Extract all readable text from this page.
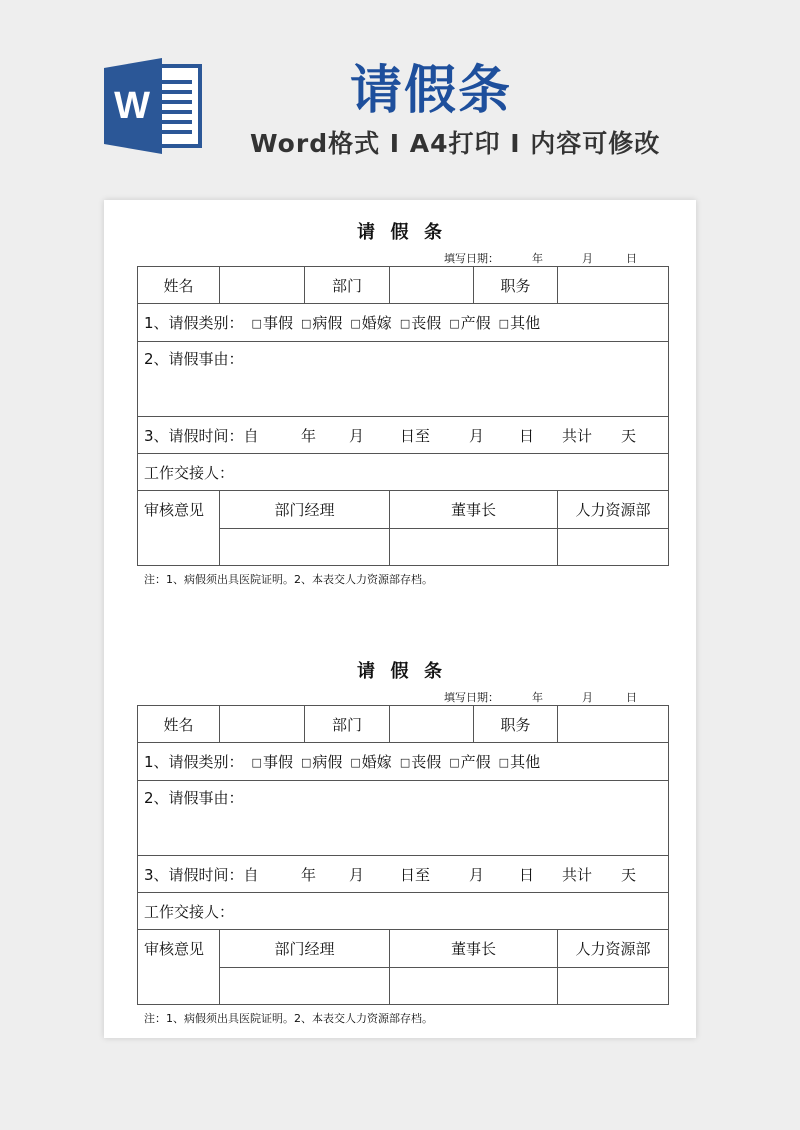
W	请假条
Word格式 I A4打印 I 内容可修改
请  假  条

填写日期：

	年

	月

	日

姓名		部门		职务	
1、请假类别： □ 事假 □ 病假 □ 婚嫁 □ 丧假 □ 产假 □ 其他
2、请假事由：					
3、请假时间：自 年 月 日至 月 日 共计 天					
工作交接人：					
审核意见	部门经理		董事长		人力资源部

注：1、病假须出具医院证明。2、本表交人力资源部存档。
请  假  条

填写日期：

	年

	月

	日

姓名		部门		职务	
1、请假类别： □ 事假 □ 病假 □ 婚嫁 □ 丧假 □ 产假 □ 其他
2、请假事由：					
3、请假时间：自 年 月 日至 月 日 共计 天					
工作交接人：					
审核意见	部门经理		董事长		人力资源部

注：1、病假须出具医院证明。2、本表交人力资源部存档。
